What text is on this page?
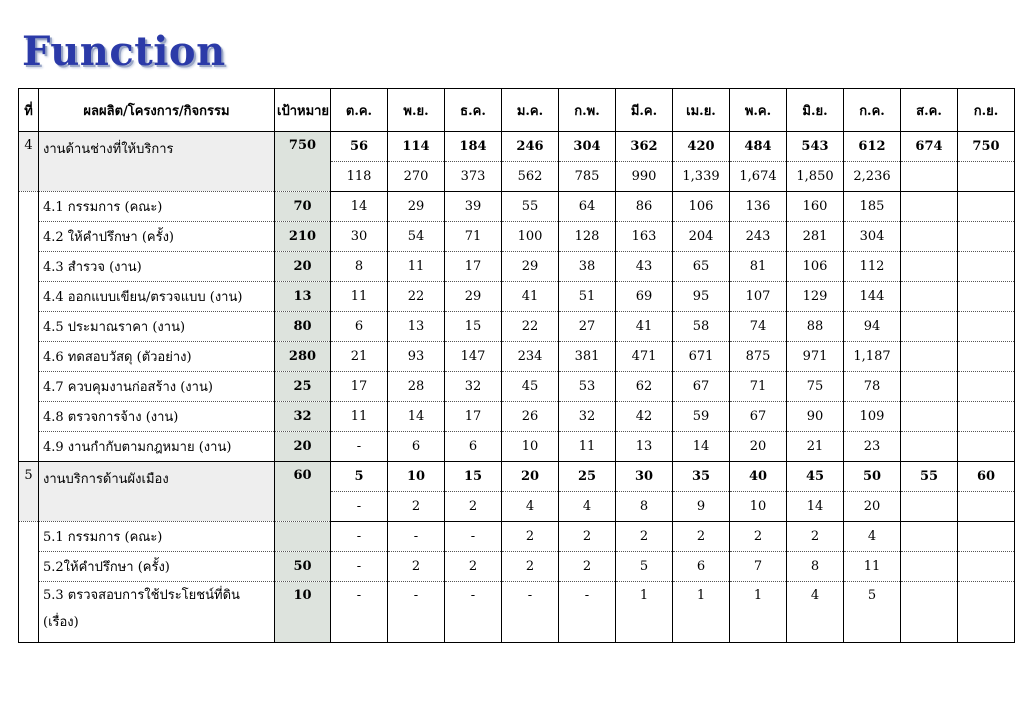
Function
ที่	ผลผลิต/โครงการ/กิจกรรม	เป้าหมาย	ต.ค.	พ.ย.	ธ.ค.	ม.ค.	ก.พ.	มี.ค.	เม.ย.	พ.ค.	มิ.ย.	ก.ค.	ส.ค.	ก.ย.
4	งานด้านช่างที่ให้บริการ	750	56	114	184	246	304	362	420	484	543	612	674	750
			118	270	373	562	785	990	1,339	1,674	1,850	2,236		
	4.1 กรรมการ (คณะ)	70	14	29	39	55	64	86	106	136	160	185		
	4.2 ให้คำปรึกษา (ครั้ง)	210	30	54	71	100	128	163	204	243	281	304		
	4.3 สำรวจ (งาน)	20	8	11	17	29	38	43	65	81	106	112		
	4.4 ออกแบบเขียน/ตรวจแบบ (งาน)	13	11	22	29	41	51	69	95	107	129	144		
	4.5 ประมาณราคา (งาน)	80	6	13	15	22	27	41	58	74	88	94		
	4.6 ทดสอบวัสดุ (ตัวอย่าง)	280	21	93	147	234	381	471	671	875	971	1,187		
	4.7 ควบคุมงานก่อสร้าง (งาน)	25	17	28	32	45	53	62	67	71	75	78		
	4.8 ตรวจการจ้าง (งาน)	32	11	14	17	26	32	42	59	67	90	109		
	4.9 งานกำกับตามกฎหมาย (งาน)	20	-	6	6	10	11	13	14	20	21	23		
5	งานบริการด้านผังเมือง	60	5	10	15	20	25	30	35	40	45	50	55	60
			-	2	2	4	4	8	9	10	14	20		
	5.1 กรรมการ (คณะ)		-	-	-	2	2	2	2	2	2	4		
	5.2ให้คำปรึกษา (ครั้ง)	50	-	2	2	2	2	5	6	7	8	11		
	5.3 ตรวจสอบการใช้ประโยชน์ที่ดิน (เรื่อง)	10	-	-	-	-	-	1	1	1	4	5		
